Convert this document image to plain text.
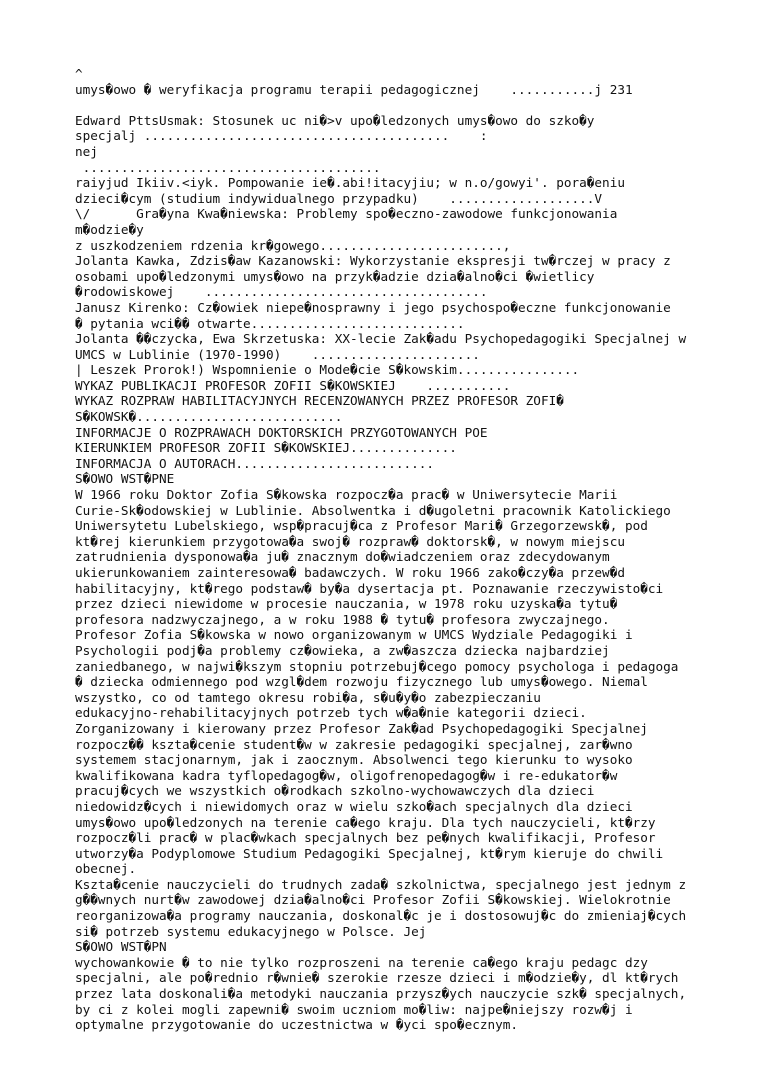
^
umys�owo � weryfikacja programu terapii pedagogicznej    ...........j 231
Edward PttsUsmak: Stosunek uc ni�>v upo�ledzonych umys�owo do szko�y
specjalj ........................................    :
nej
.......................................
raiyjud Ikiiv.<iyk. Pompowanie ie�.abi!itacyjiu; w n.o/gowyi'. pora�eniu
dzieci�cym (studium indywidualnego przypadku)    ...................V
\/      Gra�yna Kwa�niewska: Problemy spo�eczno-zawodowe funkcjonowania
m�odzie�y
z uszkodzeniem rdzenia kr�gowego........................,
Jolanta Kawka, Zdzis�aw Kazanowski: Wykorzystanie ekspresji tw�rczej w pracy z
osobami upo�ledzonymi umys�owo na przyk�adzie dzia�alno�ci �wietlicy
�rodowiskowej    .....................................
Janusz Kirenko: Cz�owiek niepe�nosprawny i jego psychospo�eczne funkcjonowanie
� pytania wci�� otwarte............................
Jolanta ��czycka, Ewa Skrzetuska: XX-lecie Zak�adu Psychopedagogiki Specjalnej w
UMCS w Lublinie (1970-1990)    ......................
| Leszek Prorok!) Wspomnienie o Mode�cie S�kowskim................
WYKAZ PUBLIKACJI PROFESOR ZOFII S�KOWSKIEJ    ...........
WYKAZ ROZPRAW HABILITACYJNYCH RECENZOWANYCH PRZEZ PROFESOR ZOFI�
S�KOWSK�...........................
INFORMACJE O ROZPRAWACH DOKTORSKICH PRZYGOTOWANYCH POE
KIERUNKIEM PROFESOR ZOFII S�KOWSKIEJ..............
INFORMACJA O AUTORACH..........................
S�OWO WST�PNE
W 1966 roku Doktor Zofia S�kowska rozpocz�a prac� w Uniwersytecie Marii
Curie-Sk�odowskiej w Lublinie. Absolwentka i d�ugoletni pracownik Katolickiego
Uniwersytetu Lubelskiego, wsp�pracuj�ca z Profesor Mari� Grzegorzewsk�, pod
kt�rej kierunkiem przygotowa�a swoj� rozpraw� doktorsk�, w nowym miejscu
zatrudnienia dysponowa�a ju� znacznym do�wiadczeniem oraz zdecydowanym
ukierunkowaniem zainteresowa� badawczych. W roku 1966 zako�czy�a przew�d
habilitacyjny, kt�rego podstaw� by�a dysertacja pt. Poznawanie rzeczywisto�ci
przez dzieci niewidome w procesie nauczania, w 1978 roku uzyska�a tytu�
profesora nadzwyczajnego, a w roku 1988 � tytu� profesora zwyczajnego.
Profesor Zofia S�kowska w nowo organizowanym w UMCS Wydziale Pedagogiki i
Psychologii podj�a problemy cz�owieka, a zw�aszcza dziecka najbardziej
zaniedbanego, w najwi�kszym stopniu potrzebuj�cego pomocy psychologa i pedagoga
� dziecka odmiennego pod wzgl�dem rozwoju fizycznego lub umys�owego. Niemal
wszystko, co od tamtego okresu robi�a, s�u�y�o zabezpieczaniu
edukacyjno-rehabilitacyjnych potrzeb tych w�a�nie kategorii dzieci.
Zorganizowany i kierowany przez Profesor Zak�ad Psychopedagogiki Specjalnej
rozpocz�� kszta�cenie student�w w zakresie pedagogiki specjalnej, zar�wno
systemem stacjonarnym, jak i zaocznym. Absolwenci tego kierunku to wysoko
kwalifikowana kadra tyflopedagog�w, oligofrenopedagog�w i re-edukator�w
pracuj�cych we wszystkich o�rodkach szkolno-wychowawczych dla dzieci
niedowidz�cych i niewidomych oraz w wielu szko�ach specjalnych dla dzieci
umys�owo upo�ledzonych na terenie ca�ego kraju. Dla tych nauczycieli, kt�rzy
rozpocz�li prac� w plac�wkach specjalnych bez pe�nych kwalifikacji, Profesor
utworzy�a Podyplomowe Studium Pedagogiki Specjalnej, kt�rym kieruje do chwili
obecnej.
Kszta�cenie nauczycieli do trudnych zada� szkolnictwa, specjalnego jest jednym z
g��wnych nurt�w zawodowej dzia�alno�ci Profesor Zofii S�kowskiej. Wielokrotnie
reorganizowa�a programy nauczania, doskonal�c je i dostosowuj�c do zmieniaj�cych
si� potrzeb systemu edukacyjnego w Polsce. Jej
S�OWO WST�PN
wychowankowie � to nie tylko rozproszeni na terenie ca�ego kraju pedagc dzy
specjalni, ale po�rednio r�wnie� szerokie rzesze dzieci i m�odzie�y, dl kt�rych
przez lata doskonali�a metodyki nauczania przysz�ych nauczycie szk� specjalnych,
by ci z kolei mogli zapewni� swoim uczniom mo�liw: najpe�niejszy rozw�j i
optymalne przygotowanie do uczestnictwa w �yci spo�ecznym.
